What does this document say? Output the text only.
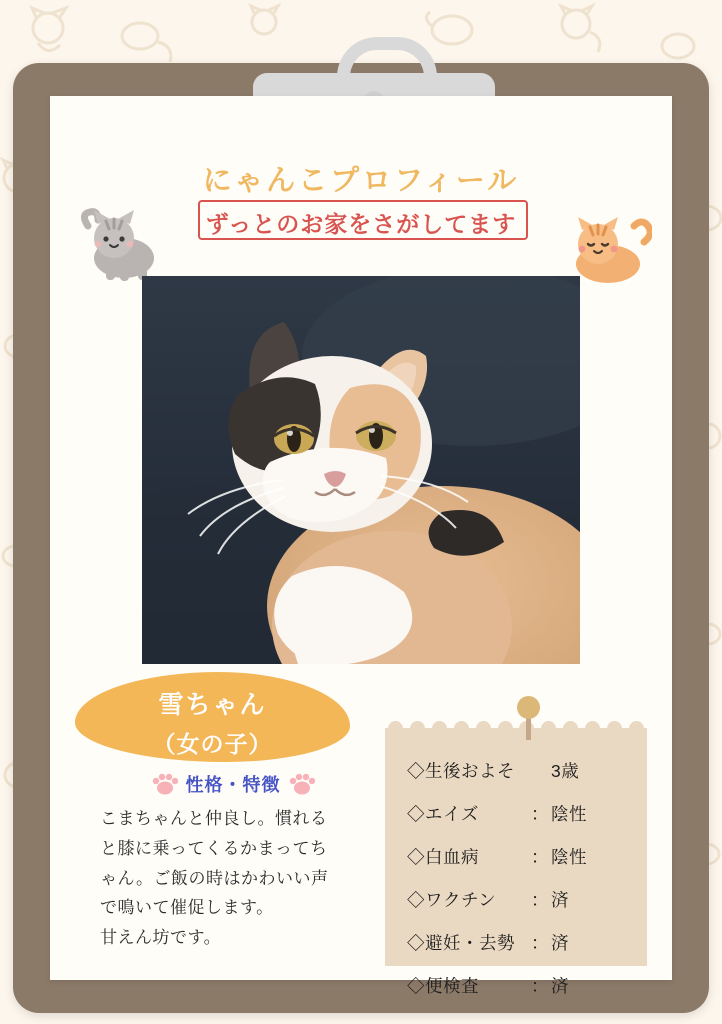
にゃんこプロフィール
ずっとのお家をさがしてます
雪ちゃん
（女の子）
性格・特徴
こまちゃんと仲良し。慣れる
と膝に乗ってくるかまってち
ゃん。ご飯の時はかわいい声
で鳴いて催促します。
甘えん坊です。
◇生後およそ	3歳
◇エイズ	： 陰性
◇白血病	： 陰性
◇ワクチン	： 済
◇避妊・去勢 ： 済
◇便検査	： 済
